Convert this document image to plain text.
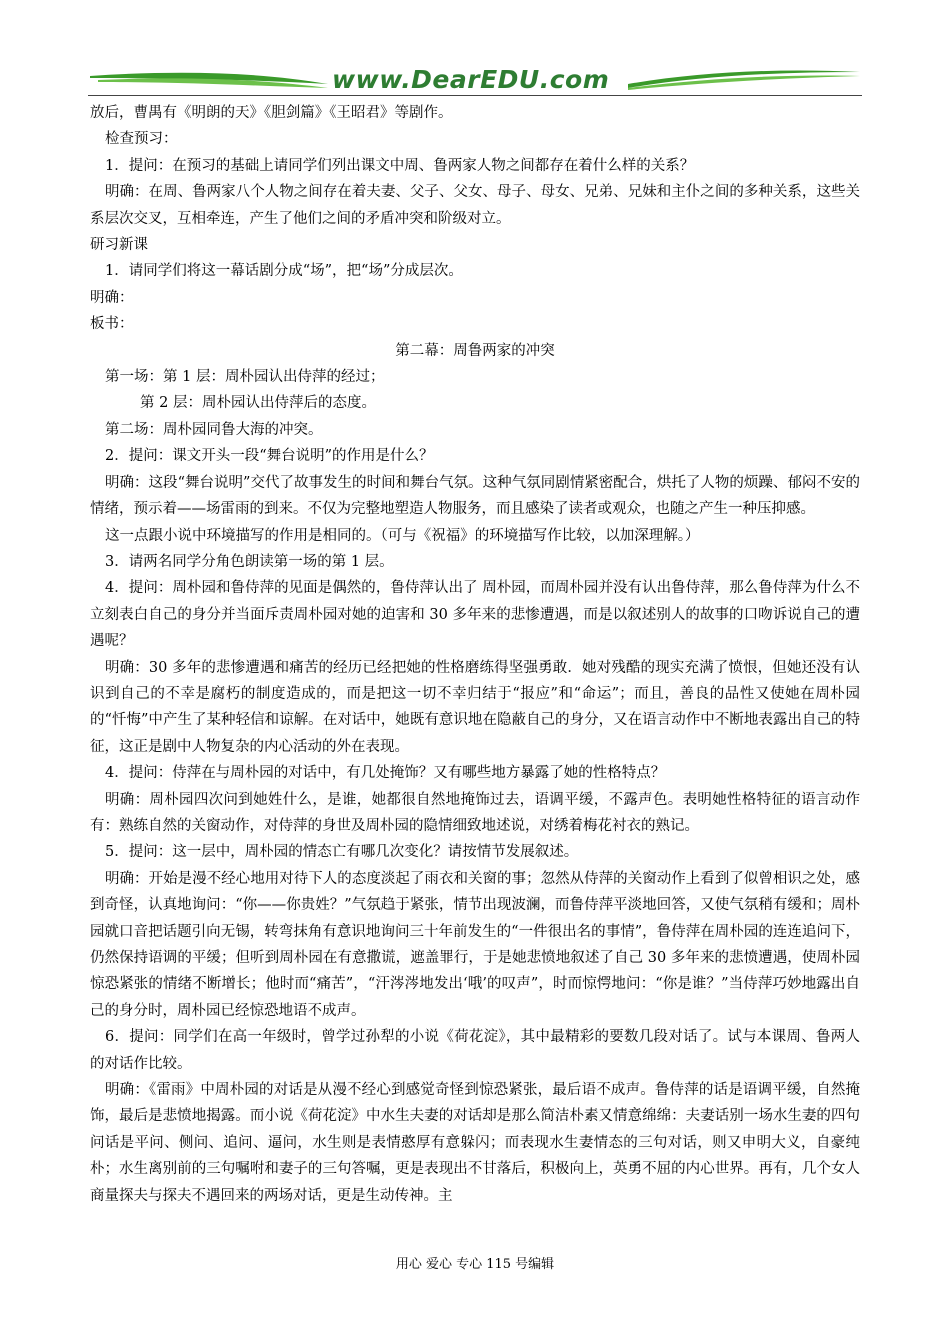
www.DearEDU.com

放后，曹禺有《明朗的天》《胆剑篇》《王昭君》等剧作。

检查预习：

1．提问：在预习的基础上请同学们列出课文中周、鲁两家人物之间都存在着什么样的关系？

明确：在周、鲁两家八个人物之间存在着夫妻、父子、父女、母子、母女、兄弟、兄妹和主仆之间的多种关系，这些关系层次交叉，互相牵连，产生了他们之间的矛盾冲突和阶级对立。

研习新课

1．请同学们将这一幕话剧分成“场”，把“场”分成层次。

明确：

板书：

第二幕：周鲁两家的冲突

第一场：第 1 层：周朴园认出侍萍的经过；

第 2 层：周朴园认出侍萍后的态度。

第二场：周朴园同鲁大海的冲突。

2．提问：课文开头一段“舞台说明”的作用是什么？

明确：这段“舞台说明”交代了故事发生的时间和舞台气氛。这种气氛同剧情紧密配合，烘托了人物的烦躁、郁闷不安的情绪，预示着——场雷雨的到来。不仅为完整地塑造人物服务，而且感染了读者或观众，也随之产生一种压抑感。

这一点跟小说中环境描写的作用是相同的。（可与《祝福》的环境描写作比较，以加深理解。）

3．请两名同学分角色朗读第一场的第 1 层。

4．提问：周朴园和鲁侍萍的见面是偶然的，鲁侍萍认出了 周朴园，而周朴园并没有认出鲁侍萍，那么鲁侍萍为什么不立刻表白自己的身分并当面斥责周朴园对她的迫害和 30 多年来的悲惨遭遇，而是以叙述别人的故事的口吻诉说自己的遭遇呢？

明确：30 多年的悲惨遭遇和痛苦的经历已经把她的性格磨练得坚强勇敢．她对残酷的现实充满了愤恨，但她还没有认识到自己的不幸是腐朽的制度造成的，而是把这一切不幸归结于“报应”和“命运”；而且，善良的品性又使她在周朴园的“忏悔”中产生了某种轻信和谅解。在对话中，她既有意识地在隐蔽自己的身分，又在语言动作中不断地表露出自己的特征，这正是剧中人物复杂的内心活动的外在表现。

4．提问：侍萍在与周朴园的对话中，有几处掩饰？又有哪些地方暴露了她的性格特点？

明确：周朴园四次问到她姓什么，是谁，她都很自然地掩饰过去，语调平缓，不露声色。表明她性格特征的语言动作有：熟练自然的关窗动作，对侍萍的身世及周朴园的隐情细致地述说，对绣着梅花衬衣的熟记。

5．提问：这一层中，周朴园的情态亡有哪几次变化？请按情节发展叙述。

明确：开始是漫不经心地用对待下人的态度淡起了雨衣和关窗的事；忽然从侍萍的关窗动作上看到了似曾相识之处，感到奇怪，认真地询问：“你——你贵姓？”气氛趋于紧张，情节出现波澜，而鲁侍萍平淡地回答，又使气氛稍有缓和；周朴园就口音把话题引向无锡，转弯抹角有意识地询问三十年前发生的“一件很出名的事情”，鲁侍萍在周朴园的连连追问下，仍然保持语调的平缓；但听到周朴园在有意撒谎，遮盖罪行，于是她悲愤地叙述了自己 30 多年来的悲愤遭遇，使周朴园惊恐紧张的情绪不断增长；他时而“痛苦”，“汗涔涔地发出‘哦’的叹声”，时而惊愕地问：“你是谁？”当侍萍巧妙地露出自己的身分时，周朴园已经惊恐地语不成声。

6．提问：同学们在高一年级时，曾学过孙犁的小说《荷花淀》，其中最精彩的要数几段对话了。试与本课周、鲁两人的对话作比较。

明确：《雷雨》中周朴园的对话是从漫不经心到感觉奇怪到惊恐紧张，最后语不成声。鲁侍萍的话是语调平缓，自然掩饰，最后是悲愤地揭露。而小说《荷花淀》中水生夫妻的对话却是那么简洁朴素又情意绵绵：夫妻话别一场水生妻的四句问话是平问、侧问、追问、逼问，水生则是表情憨厚有意躲闪；而表现水生妻情态的三句对话，则又申明大义，自豪纯朴；水生离别前的三句嘱咐和妻子的三句答嘱，更是表现出不甘落后，积极向上，英勇不屈的内心世界。再有，几个女人商量探夫与探夫不遇回来的两场对话，更是生动传神。主

用心 爱心 专心 115 号编辑
